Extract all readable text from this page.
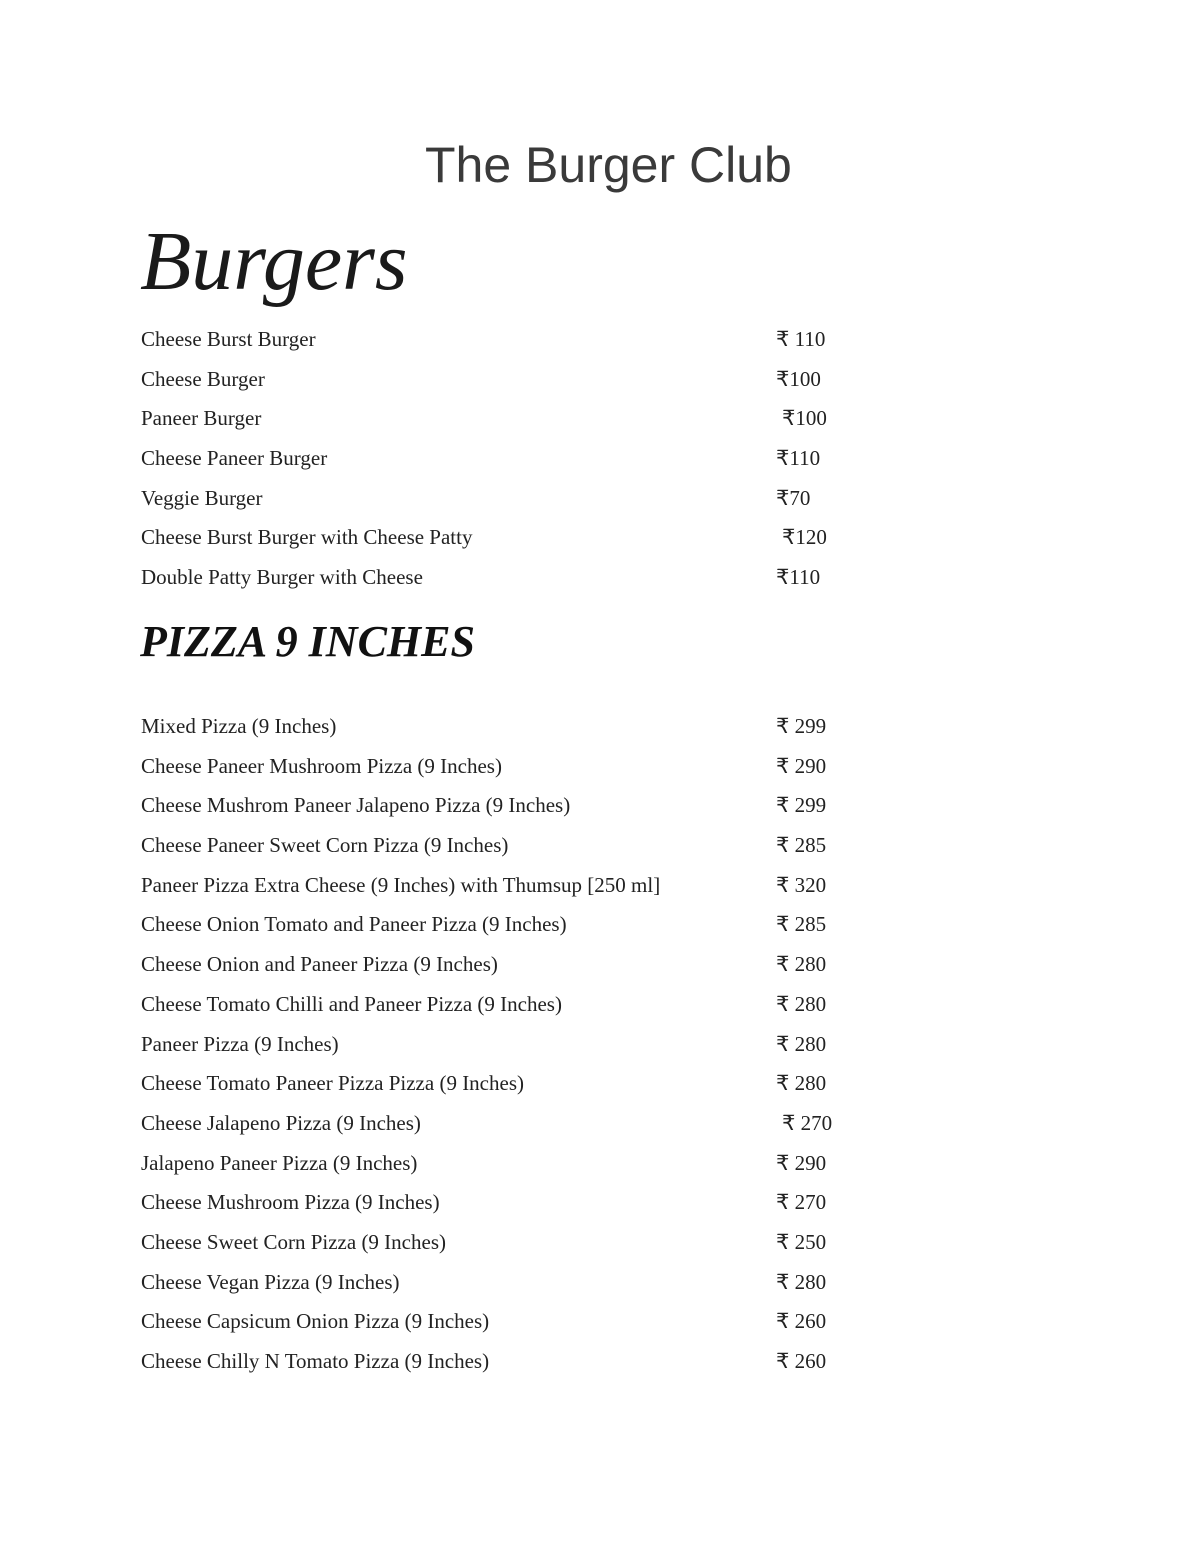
The Burger Club
Burgers
Cheese Burst Burger	₹ 110
Cheese Burger	₹100
Paneer Burger	₹100
Cheese Paneer Burger	₹110
Veggie Burger	₹70
Cheese Burst Burger with Cheese Patty	₹120
Double Patty Burger with Cheese	₹110
PIZZA 9 INCHES
Mixed Pizza (9 Inches)	₹ 299
Cheese Paneer Mushroom Pizza (9 Inches)	₹ 290
Cheese Mushrom Paneer Jalapeno Pizza (9 Inches)	₹ 299
Cheese Paneer Sweet Corn Pizza (9 Inches)	₹ 285
Paneer Pizza Extra Cheese (9 Inches) with Thumsup [250 ml]	₹ 320
Cheese Onion Tomato and Paneer Pizza (9 Inches)	₹ 285
Cheese Onion and Paneer Pizza (9 Inches)	₹ 280
Cheese Tomato Chilli and Paneer Pizza (9 Inches)	₹ 280
Paneer Pizza (9 Inches)	₹ 280
Cheese Tomato Paneer Pizza Pizza (9 Inches)	₹ 280
Cheese Jalapeno Pizza (9 Inches)	₹ 270
Jalapeno Paneer Pizza (9 Inches)	₹ 290
Cheese Mushroom Pizza (9 Inches)	₹ 270
Cheese Sweet Corn Pizza (9 Inches)	₹ 250
Cheese Vegan Pizza (9 Inches)	₹ 280
Cheese Capsicum Onion Pizza (9 Inches)	₹ 260
Cheese Chilly N Tomato Pizza (9 Inches)	₹ 260
